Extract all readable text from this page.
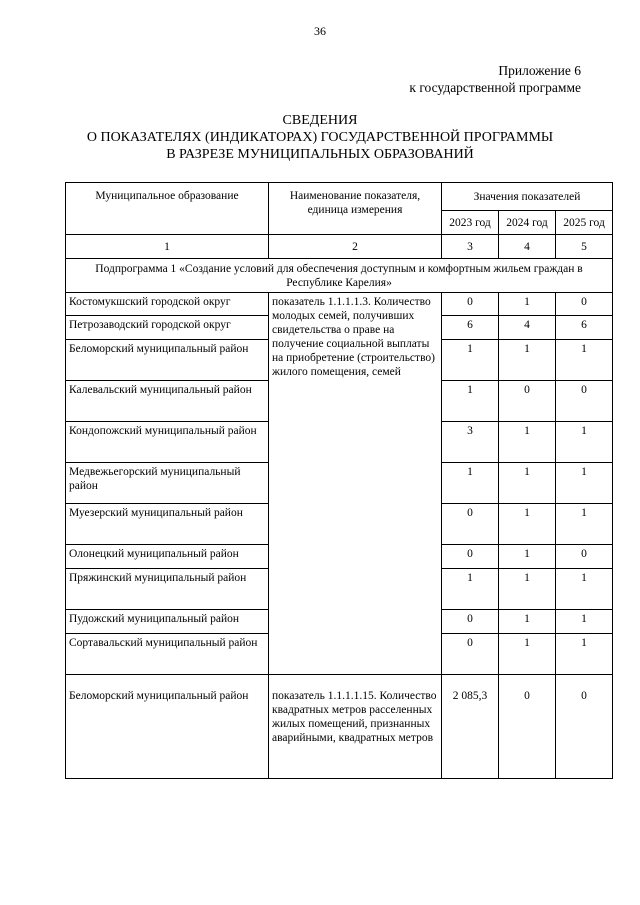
36
Приложение 6
к государственной программе
СВЕДЕНИЯ
О ПОКАЗАТЕЛЯХ (ИНДИКАТОРАХ) ГОСУДАРСТВЕННОЙ ПРОГРАММЫ
В РАЗРЕЗЕ МУНИЦИПАЛЬНЫХ ОБРАЗОВАНИЙ
Муниципальное образование	Наименование показателя, единица измерения	Значения показателей		
		2023 год	2024 год	2025 год
1	2	3	4	5
Подпрограмма 1 «Создание условий для обеспечения доступным и комфортным жильем граждан в Республике Карелия»				
Костомукшский городской округ	показатель 1.1.1.1.3. Количество молодых семей, получивших свидетельства о праве на получение социальной выплаты на приобретение (строительство) жилого помещения, семей	0	1	0
Петрозаводский городской округ		6	4	6
Беломорский муниципальный район		1	1	1
Калевальский муниципальный район		1	0	0
Кондопожский муниципальный район		3	1	1
Медвежьегорский муниципальный район		1	1	1
Муезерский муниципальный район		0	1	1
Олонецкий муниципальный район		0	1	0
Пряжинский муниципальный район		1	1	1
Пудожский муниципальный район		0	1	1
Сортавальский муниципальный район		0	1	1

Беломорский муниципальный район	показатель 1.1.1.1.15. Количество квадратных метров расселенных жилых помещений, признанных аварийными, квадратных метров	2 085,3	0	0
